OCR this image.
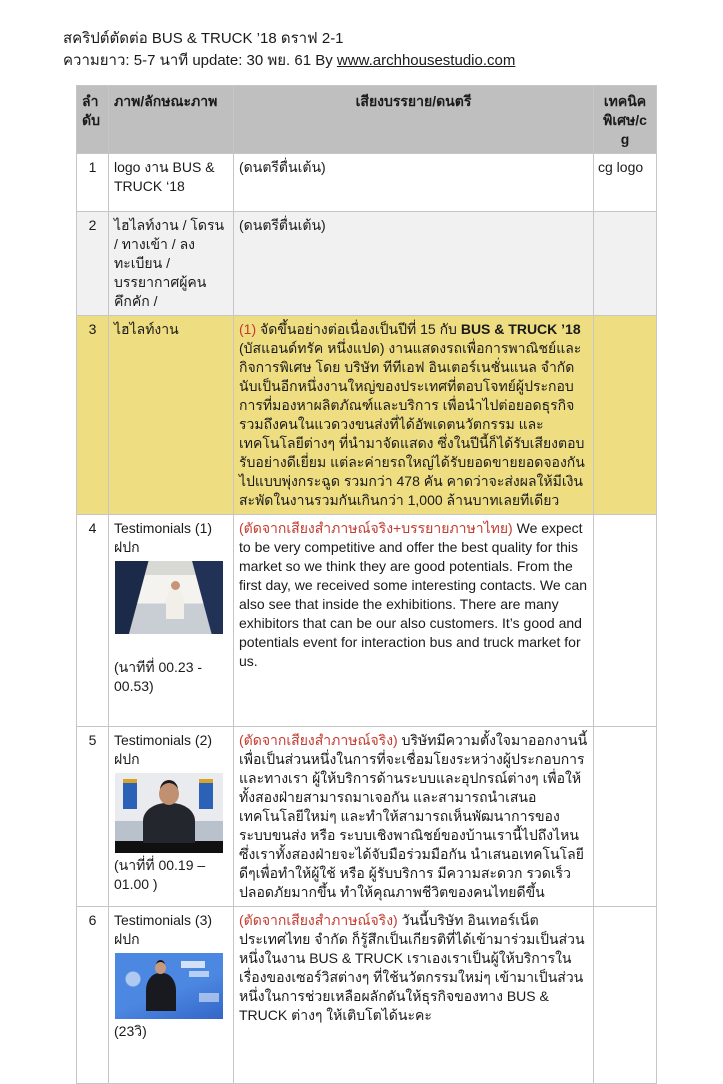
สคริปต์ตัดต่อ BUS & TRUCK ’18 ดราฟ 2-1
ความยาว: 5-7 นาที update: 30 พย. 61 By www.archhousestudio.com
ลำดับ	ภาพ/ลักษณะภาพ	เสียงบรรยาย/ดนตรี	เทคนิคพิเศษ/cg
1	logo งาน BUS & TRUCK ‘18	(ดนตรีตื่นเต้น)	cg logo
2	ไฮไลท์งาน / โดรน / ทางเข้า / ลงทะเบียน / บรรยากาศผู้คนคึกคัก /	(ดนตรีตื่นเต้น)	
3	ไฮไลท์งาน	(1) จัดขึ้นอย่างต่อเนื่องเป็นปีที่ 15 กับ BUS & TRUCK ’18
(บัสแอนด์ทรัค หนึ่งแปด) งานแสดงรถเพื่อการพาณิชย์และกิจการพิเศษ โดย บริษัท ทีทีเอฟ อินเตอร์เนชั่นแนล จำกัด นับเป็นอีกหนึ่งงานใหญ่ของประเทศที่ตอบโจทย์ผู้ประกอบการที่มองหาผลิตภัณฑ์และบริการ เพื่อนำไปต่อยอดธุรกิจ รวมถึงคนในแวดวงขนส่งที่ได้อัพเดตนวัตกรรม และเทคโนโลยีต่างๆ ที่นำมาจัดแสดง ซึ่งในปีนี้ก็ได้รับเสียงตอบรับอย่างดีเยี่ยม แต่ละค่ายรถใหญ่ได้รับยอดขายยอดจองกันไปแบบพุ่งกระฉูด รวมกว่า 478 คัน คาดว่าจะส่งผลให้มีเงินสะพัดในงานรวมกันเกินกว่า 1,000 ล้านบาทเลยทีเดียว	
4	Testimonials (1)
ฝปก
(นาทีที่ 00.23 - 00.53)
	(ตัดจากเสียงสำภาษณ์จริง+บรรยายภาษาไทย) We expect to be very competitive and offer the best quality for this market so we think they are good potentials. From the first day, we received some interesting contacts. We can also see that inside the exhibitions. There are many exhibitors that can be our also customers. It’s good and potentials event for interaction bus and truck market for us.	
5	Testimonials (2)
ฝปก
(นาที่ที่ 00.19 – 01.00 )
	(ตัดจากเสียงสำภาษณ์จริง) บริษัทมีความตั้งใจมาออกงานนี้ เพื่อเป็นส่วนหนึ่งในการที่จะเชื่อมโยงระหว่างผู้ประกอบการ และทางเรา ผู้ให้บริการด้านระบบและอุปกรณ์ต่างๆ เพื่อให้ทั้งสองฝ่ายสามารถมาเจอกัน และสามารถนำเสนอเทคโนโลยีใหม่ๆ และทำให้สามารถเห็นพัฒนาการของระบบขนส่ง หรือ ระบบเชิงพาณิชย์ของบ้านเรานี้ไปถึงไหน ซึ่งเราทั้งสองฝ่ายจะได้จับมือร่วมมือกัน นำเสนอเทคโนโลยีดีๆเพื่อทำให้ผู้ใช้ หรือ ผู้รับบริการ มีความสะดวก รวดเร็ว ปลอดภัยมากขึ้น ทำให้คุณภาพชีวิตของคนไทยดีขึ้น	
6	Testimonials (3)
ฝปก
(23วิ)
	(ตัดจากเสียงสำภาษณ์จริง) วันนี้บริษัท อินเทอร์เน็ตประเทศไทย จำกัด ก็รู้สึกเป็นเกียรติที่ได้เข้ามาร่วมเป็นส่วนหนึ่งในงาน BUS & TRUCK เราเองเราเป็นผู้ให้บริการในเรื่องของเซอร์วิสต่างๆ ที่ใช้นวัตกรรมใหม่ๆ เข้ามาเป็นส่วนหนึ่งในการช่วยเหลือผลักดันให้ธุรกิจของทาง BUS & TRUCK ต่างๆ ให้เติบโตได้นะคะ	
